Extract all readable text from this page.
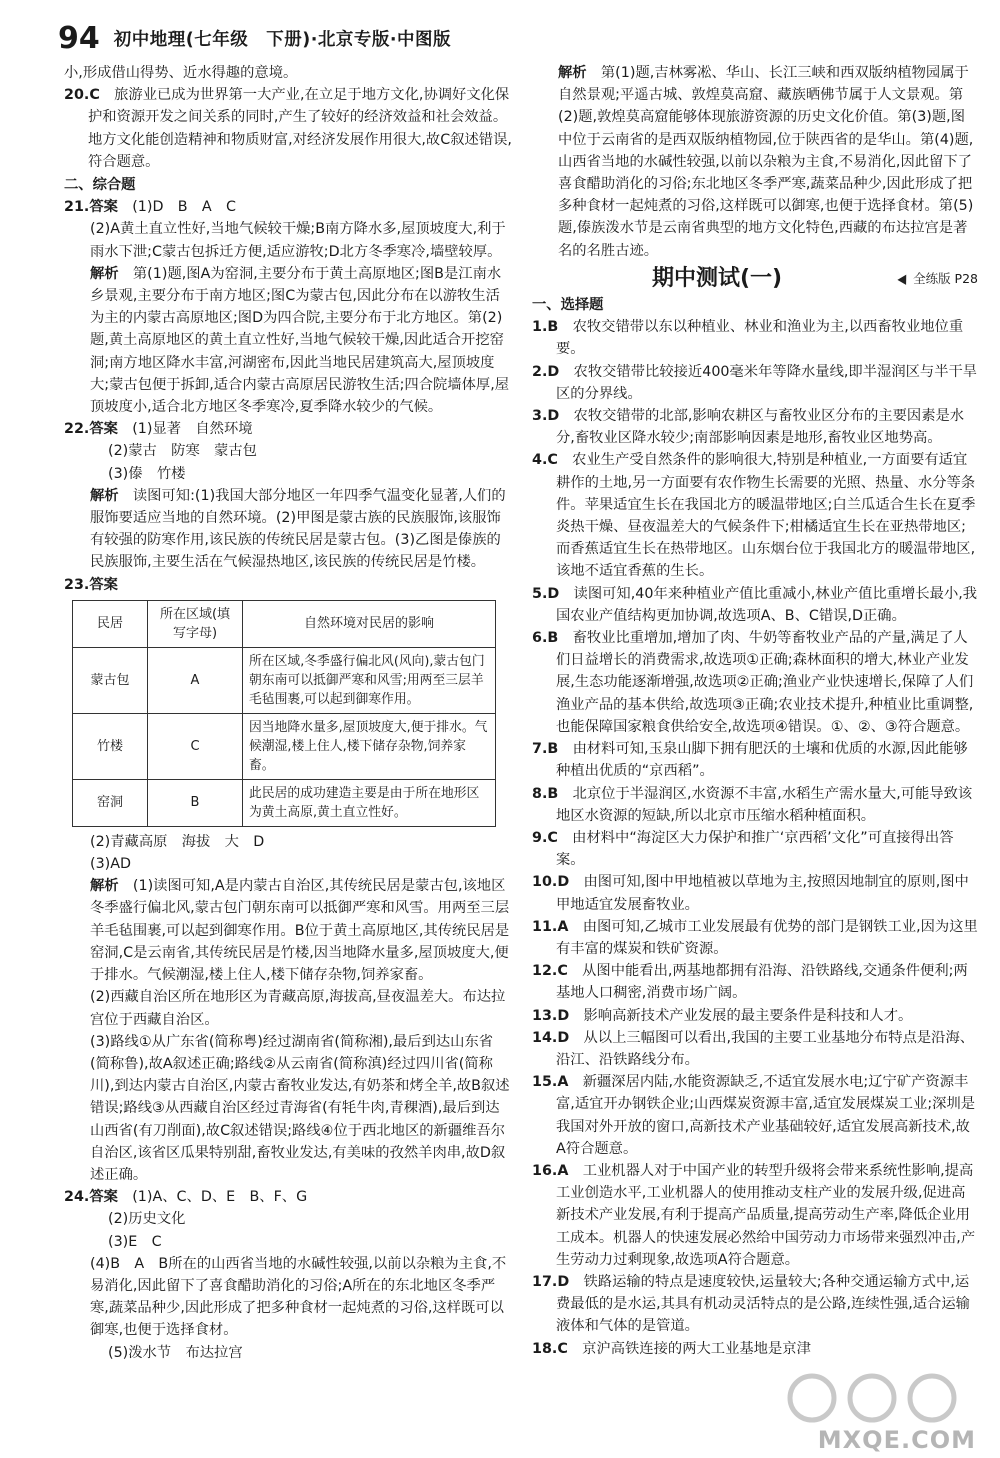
94 初中地理(七年级　下册)·北京专版·中图版

小,形成借山得势、近水得趣的意境。

20.C　 旅游业已成为世界第一大产业,在立足于地方文化,协调好文化保护和资源开发之间关系的同时,产生了较好的经济效益和社会效益。地方文化能创造精神和物质财富,对经济发展作用很大,故C叙述错误,符合题意。

二、综合题

21.答案　 (1)D　B　A　C

(2)A黄土直立性好,当地气候较干燥;B南方降水多,屋顶坡度大,利于雨水下泄;C蒙古包拆迁方便,适应游牧;D北方冬季寒冷,墙壁较厚。

解析　 第(1)题,图A为窑洞,主要分布于黄土高原地区;图B是江南水乡景观,主要分布于南方地区;图C为蒙古包,因此分布在以游牧生活为主的内蒙古高原地区;图D为四合院,主要分布于北方地区。第(2)题,黄土高原地区的黄土直立性好,当地气候较干燥,因此适合开挖窑洞;南方地区降水丰富,河湖密布,因此当地民居建筑高大,屋顶坡度大;蒙古包便于拆卸,适合内蒙古高原居民游牧生活;四合院墙体厚,屋顶坡度小,适合北方地区冬季寒冷,夏季降水较少的气候。

22.答案　 (1)显著　自然环境

(2)蒙古　防寒　蒙古包

(3)傣　竹楼

解析　 读图可知:(1)我国大部分地区一年四季气温变化显著,人们的服饰要适应当地的自然环境。(2)甲图是蒙古族的民族服饰,该服饰有较强的防寒作用,该民族的传统民居是蒙古包。(3)乙图是傣族的民族服饰,主要生活在气候湿热地区,该民族的传统民居是竹楼。

23.答案

民居	所在区域(填写字母)	自然环境对民居的影响
蒙古包	A	所在区域,冬季盛行偏北风(风向),蒙古包门朝东南可以抵御严寒和风雪;用两至三层羊毛毡围裹,可以起到御寒作用。
竹楼	C	因当地降水量多,屋顶坡度大,便于排水。气候潮湿,楼上住人,楼下储存杂物,饲养家畜。
窑洞	B	此民居的成功建造主要是由于所在地形区为黄土高原,黄土直立性好。

(2)青藏高原　海拔　大　D

(3)AD

解析　 (1)读图可知,A是内蒙古自治区,其传统民居是蒙古包,该地区冬季盛行偏北风,蒙古包门朝东南可以抵御严寒和风雪。用两至三层羊毛毡围裹,可以起到御寒作用。B位于黄土高原地区,其传统民居是窑洞,C是云南省,其传统民居是竹楼,因当地降水量多,屋顶坡度大,便于排水。气候潮湿,楼上住人,楼下储存杂物,饲养家畜。

(2)西藏自治区所在地形区为青藏高原,海拔高,昼夜温差大。布达拉宫位于西藏自治区。

(3)路线①从广东省(简称粤)经过湖南省(简称湘),最后到达山东省(简称鲁),故A叙述正确;路线②从云南省(简称滇)经过四川省(简称川),到达内蒙古自治区,内蒙古畜牧业发达,有奶茶和烤全羊,故B叙述错误;路线③从西藏自治区经过青海省(有牦牛肉,青稞酒),最后到达山西省(有刀削面),故C叙述错误;路线④位于西北地区的新疆维吾尔自治区,该省区瓜果特别甜,畜牧业发达,有美味的孜然羊肉串,故D叙述正确。

24.答案　 (1)A、C、D、E　B、F、G

(2)历史文化

(3)E　C

(4)B　A　B所在的山西省当地的水碱性较强,以前以杂粮为主食,不易消化,因此留下了喜食醋助消化的习俗;A所在的东北地区冬季严寒,蔬菜品种少,因此形成了把多种食材一起炖煮的习俗,这样既可以御寒,也便于选择食材。

(5)泼水节　布达拉宫

解析　 第(1)题,吉林雾凇、华山、长江三峡和西双版纳植物园属于自然景观;平遥古城、敦煌莫高窟、藏族晒佛节属于人文景观。第(2)题,敦煌莫高窟能够体现旅游资源的历史文化价值。第(3)题,图中位于云南省的是西双版纳植物园,位于陕西省的是华山。第(4)题,山西省当地的水碱性较强,以前以杂粮为主食,不易消化,因此留下了喜食醋助消化的习俗;东北地区冬季严寒,蔬菜品种少,因此形成了把多种食材一起炖煮的习俗,这样既可以御寒,也便于选择食材。第(5)题,傣族泼水节是云南省典型的地方文化特色,西藏的布达拉宫是著名的名胜古迹。

期中测试(一)	全练版 P28

一、选择题

1.B　 农牧交错带以东以种植业、林业和渔业为主,以西畜牧业地位重要。

2.D　 农牧交错带比较接近400毫米年等降水量线,即半湿润区与半干旱区的分界线。

3.D　 农牧交错带的北部,影响农耕区与畜牧业区分布的主要因素是水分,畜牧业区降水较少;南部影响因素是地形,畜牧业区地势高。

4.C　 农业生产受自然条件的影响很大,特别是种植业,一方面要有适宜耕作的土地,另一方面要有农作物生长需要的光照、热量、水分等条件。苹果适宜生长在我国北方的暖温带地区;白兰瓜适合生长在夏季炎热干燥、昼夜温差大的气候条件下;柑橘适宜生长在亚热带地区;而香蕉适宜生长在热带地区。山东烟台位于我国北方的暖温带地区,该地不适宜香蕉的生长。

5.D　 读图可知,40年来种植业产值比重减小,林业产值比重增长最小,我国农业产值结构更加协调,故选项A、B、C错误,D正确。

6.B　 畜牧业比重增加,增加了肉、牛奶等畜牧业产品的产量,满足了人们日益增长的消费需求,故选项①正确;森林面积的增大,林业产业发展,生态功能逐渐增强,故选项②正确;渔业产业快速增长,保障了人们渔业产品的基本供给,故选项③正确;农业技术提升,种植业比重调整,也能保障国家粮食供给安全,故选项④错误。①、②、③符合题意。

7.B　 由材料可知,玉泉山脚下拥有肥沃的土壤和优质的水源,因此能够种植出优质的“京西稻”。

8.B　 北京位于半湿润区,水资源不丰富,水稻生产需水量大,可能导致该地区水资源的短缺,所以北京市压缩水稻种植面积。

9.C　 由材料中“海淀区大力保护和推广‘京西稻’文化”可直接得出答案。

10.D　 由图可知,图中甲地植被以草地为主,按照因地制宜的原则,图中甲地适宜发展畜牧业。

11.A　 由图可知,乙城市工业发展最有优势的部门是钢铁工业,因为这里有丰富的煤炭和铁矿资源。

12.C　 从图中能看出,两基地都拥有沿海、沿铁路线,交通条件便利;两基地人口稠密,消费市场广阔。

13.D　 影响高新技术产业发展的最主要条件是科技和人才。

14.D　 从以上三幅图可以看出,我国的主要工业基地分布特点是沿海、沿江、沿铁路线分布。

15.A　 新疆深居内陆,水能资源缺乏,不适宜发展水电;辽宁矿产资源丰富,适宜开办钢铁企业;山西煤炭资源丰富,适宜发展煤炭工业;深圳是我国对外开放的窗口,高新技术产业基础较好,适宜发展高新技术,故A符合题意。

16.A　 工业机器人对于中国产业的转型升级将会带来系统性影响,提高工业创造水平,工业机器人的使用推动支柱产业的发展升级,促进高新技术产业发展,有利于提高产品质量,提高劳动生产率,降低企业用工成本。机器人的快速发展必然给中国劳动力市场带来强烈冲击,产生劳动力过剩现象,故选项A符合题意。

17.D　 铁路运输的特点是速度较快,运量较大;各种交通运输方式中,运费最低的是水运,其具有机动灵活特点的是公路,连续性强,适合运输液体和气体的是管道。

18.C　 京沪高铁连接的两大工业基地是京津

MXQE.COM
